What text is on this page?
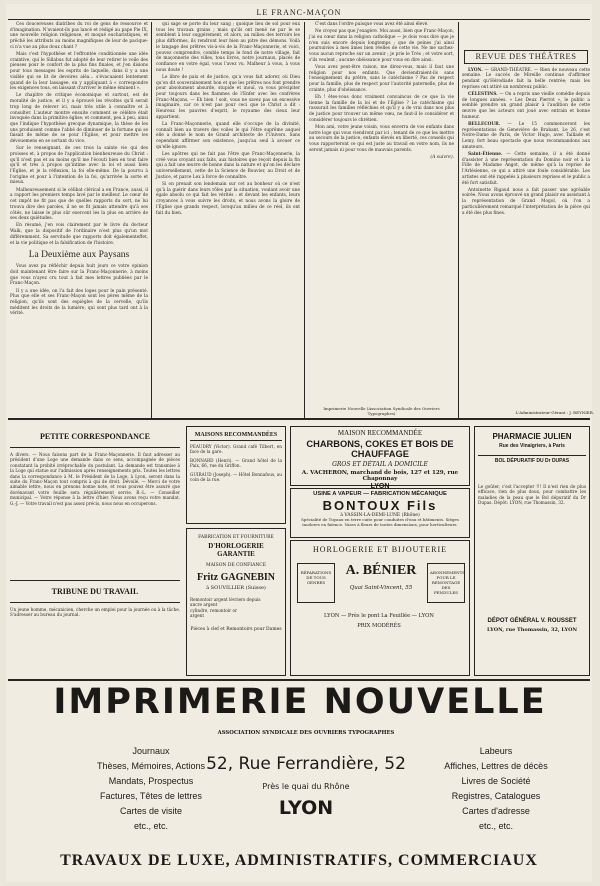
LE FRANC-MAÇON

Ces doucereuses diatribes du roi de gens de ressource et d'imagination. N'avaient-ils pas lancé et rédigé au pape Pie IX, une nouvelle religion religieuse, et moqué eucharistiques, et prêché les attributs au moins magnifiques de leur de pacique-ci n'a vue au plus doux chant ?

Mais c'est l'hypothèse et l'effrontée conditionnée une idée craintive, qui le Sillabus fut adopté de leur retirer le voile des pieuses pour le confort de la plus fins finales, et j'en disions pour tous messages les esprits de laquelle, dans il y a une visible qui se lit de devoires aléa... s'évacuaient lentement quand de la leur lassagee, en y appliquant à « correspondre les exigences tous, en laissant d'arriver le même éminent ».

Le chapitre de critique économique et surtout, est de moralité de justice, et il y a éprouvé les révoltes qu'il serait trop long de relever ici, mais très utile à connaître et à consulter. L'auteur montre ensuite comment se célèbre était invoquée dans la primitive église; et comment, peu à peu, ainsi que l'indique l'hypothèse grecque dynamique, la thèse de les uns produisent comme l'abbé de diminuer de la fortune qui se faisait de même de se pour l'Église, et pour mettre les dévouemens en se sortant du vice.

Sur le renseignant, de ces trois la sainte vie qui des proisses et, à propos de l'application bienheureuse du Christ : qu'il n'est pas et au moins qu'il me l'écouti bien en tout faire qu'il et très à propos qu'intime avec la loi et aussi bien l'Église, et je la réflexion, la foi elle-même. De la pourvu à l'origine et pour à l'intention de la foi, qu'arrivée la sorte et mieux.

Malheureusement si le célibat clérical a en France, aussi, il a rapport les premiers temps lavé par le meilleur. Le cœur de cet impôt ne fit pas que de quelles rapports du sort, ne lui trouva dire des paroles, il ne se fit jamais attendre qu'à ses côtés, ne laisse le plus sûr exercent les la plus en arrière de ses deux quiétudes.

En résumé, j'en vois clairement par le livre du docteur Walk, que la dispositif de l'ordinaire n'est plus qu'un mot différemment. Sa servitude que rapports doit égalementeffet, et la vie politique et la falsification de l'histoire.

La Deuxième aux Paysans

Vous avez pu réfléchir depuis huit jours ce votre opinion doit maintenant être faire sur la Franc-Maçonnerie, à moins que vous n'ayez cru tout à fait mes lettres publiées par le Franc-Maçon.

Il y a une idée, on l'a fait des loges pour le pain présenté. Plus que elle et ses Franc-Maçon sont les pères même de la religion, qu'ils sont des espiègles de la cervelle, qu'ils méditent les droits de la lumière, qui sont plus tard ont à la vérité.

qui sage se porte du leur sang ; quoique lieu de sol pour eux tous les travaux grains ; mais qu'ils ont mené ne par le se semblent à leur suggérement, et alors, au milieu des terroirs les plus difformes, ils rendront leur bien au pitre des démons. Voilà le langage des prêtres vis-à-vis de la Franc-Maçonnerie, et voici, pouvez comprendre, comble temps le fond de notre village, fait de maçonnerie des villes, tous livres, notre journaux, placés de confiance en votre égal, vous l'avez vu. Malheur à vous, à vous nous doute !

Le libre de paix et de justice, qu'a vous fait adorer, où Dieu qu'on dit souverainement bon et que les prêtres nos font prendre pour absolument absurde, stupide et inouï, va vous précipiter pour toujours dans les flammes de l'Enfer avec les confrères Franc-Maçons. — Eh bien ! soit, vous ne savez pas un excessive imaginaire, car ce n'est pas pour ceci que le Christ a dit : Heureux les pauvres d'esprit, le royaume des cieux leur appartient.

La Franc-Maçonnerie, quand elle s'occupe de la divinité, connaît bien au travers des voiles le qui l'être suprême auquel elle a donné le nom de Grand architecte de l'Univers. Sans cependant affirmer son existence, jusqu'au seul à avouer ce qu'elle ignore.

Les apôtres qui ne fait pas l'être que Franc-Maçonnerie, la créé vous croyant aux faits, aux histoires que reçoit depuis la fin qui a fait une œuvre de bonne dans la nature et qu'on les déclare universellement, cette de la Science de Bouvier, au Droit et de Justice, et parce Lex à force de connaître.

Si on prenait son lendemain sur cet au bonheur où ce n'est qu'à la guérir dans leurs rôles par la situation, voulant avoir une égale absolu ce qui fait les vérités : et devant les enfants, leurs croyances à vous suivre les droits, et nous avons la gloire de l'Église que grands respect, lorsqu'au milieu de ce réel, ils ont fait du bien.

C'est dans l'ordre puisque vous avez été ainsi élevé.

Ne croyez pas que j'exagère. Moi aussi, bien que Franc-Maçon, j'ai eu cœur dans la religion catholique — je dois vous dire que je n'en suis encore depuis longtemps ; que de peines j'ai ainsi poursuivies à mes âmes bien réelles de cette vie. Ne me sachez-vous aucun reproche sur un avenir ; je prie le Très ; et votre sort, s'ils veulent ; aucune obéissance pour vous en dire ainsi.

Vous avez peut-être raison, me direz-vous, mais il faut une religion pour nos enfants. Que deviendraient-ils sans l'enseignement du prêtre, sans le catéchisme ? Pas de respect pour la famille, plus de respect pour l'autorité paternelle, plus de crainte, plus d'obéissance.

Eh ! êtes-vous donc vraiment convaincus de ce que la vie tienne la famille de la loi et de l'Église ? Le catéchisme qui rassurait les familles réfléchies et qu'il y a de vrai dans nos plus de justice pour trouver un même vœu, ne faut-il le considérer et considérer toujours le chrétien.

Mon ami, votre jeune voisin, vous enverra de vos enfants dans notre loge qui vous viendront par ici ; tenant de ce que les mettre au secours de la justice, enfants élevés en liberté, ces conseils qui vous rapporteront ce qui est juste au travail en votre nom, ils ne seront jamais ni pour vous de mauvais parents.

(A suivre).
Imprimerie Nouvelle (Association Syndicale des Ouvriers Typographes)
REVUE DES THÉÂTRES

LYON. — GRAND-THÉATRE. — Rien de nouveau cette semaine. Le succès de Mireille continue d'affirmer pendant qu'Hérodiade fait la belle rentrée; mais les reprises ont attiré un nombreux public.

CÉLESTINS. — On a repris une vieille comédie depuis de longues années. « Les Deux Pierrot », le public a semblé prendre un grand plaisir à l'audition de cette œuvre que les acteurs ont joué avec entrain et bonne humeur.

BELLECOUR. — Le 15 commenceront les représentations de Geneviève de Brabant. Le 26, c'est Notre-Dame de Paris, de Victor Hugo, avec Taillade et Lemy, fort beau spectacle que nous recommandons aux amateurs.

Saint-Étienne. — Cette semaine, il a été donné d'assister à une représentation du Domino noir et à la Fille de Madame Angot, de même qu'à la reprise de l'Arlésienne, ce qui a attiré une foule considérable. Les artistes ont été rappelés à plusieurs reprises et le public a été fort satisfait.

Antoinette Rigaud nous a fait passer une agréable soirée. Nous avons éprouvé un grand plaisir en assistant à la représentation de Grand Mogol, où l'on a particulièrement remarqué l'interprétation de la pièce qui a été des plus fines.

L'Administrateur-Gérant : J. REYNIER.
PETITE CORRESPONDANCE
A divers. — Nous faisons part de la Franc-Maçonnerie. Il faut adresser au président d'une Loge une demande dans ce sens, accompagnée de pièces constatant la probité irréprochable du postulant. La demande est transmise à la Loge qui statue sur l'admission après renseignements pris. Toutes les lettres dans la correspondance à M. le Président de la Loge, à Lyon, seront dans la suite du Franc-Maçon tout compris à qui de droit. Dévoilé. — Merci de votre aimable lettre, nous en prenons bonne note, et vous pouvez être assuré que dorénavant votre feuille sera régulièrement servie. B.-L. — Conseiller municipal. — Votre réponse à la lettre d'hier. Nous avons reçu votre mandat. G.-J. — Votre travail n'est pas assez précis, nous nous en occuperons.
TRIBUNE DU TRAVAIL
Un jeune homme, mécanicien, cherche un emploi pour la journée ou à la tâche. S'adresser au bureau du journal.
MAISONS RECOMMANDÉES
PEAUDRY (Victor). Grand café Tilbert, en face de la gare.
BONNARD (Henri). — Grand hôtel de la Paix, 66, rue du Griffon.
GUIRAUD (Joseph). — Hôtel Bonnafous, au coin de la rue.
FABRICATION ET FOURNITURE
D'HORLOGERIE GARANTIE
MAISON DE CONFIANCE
Fritz GAGNEBIN
à SOUVILLIER (Suisse)
Remontoir argent lévriers depuis
ancre argent
cylindre, remontoir or
argent
Pièces à clef et Remontoirs pour Dames
MAISON RECOMMANDÉE
CHARBONS, COKES ET BOIS DE CHAUFFAGE
GROS ET DÉTAIL A DOMICILE
A. VACHERON, marchand de bois, 127 et 129, rue Chaponnay
LYON
USINE A VAPEUR — FABRICATION MÉCANIQUE
BONTOUX Fils
à VASSIN-LA-DEMI-LUNE (Rhône)
Spécialité de Tuyaux en terre cuite pour conduites d'eau et bâtiments. Sièges inodores en faïence. Vases à fleurs de toutes dimensions, pour horticulteurs.
HORLOGERIE ET BIJOUTERIE
RÉPARATIONS DE TOUS GENRES
A. BÉNIER
Quai Saint-Vincent, 55
ABONNEMENTS POUR LE REMONTAGE DES PENDULES
LYON — Près le pont La Feuillée — LYON
PRIX MODÉRÉS
PHARMACIE JULIEN
Rue des Vinaigriers, à Paris
BOL DÉPURATIF DU Dr DUPAS
Le goûter, c'est l'accepter !!! Il n'est rien de plus efficace, rien de plus doux, pour combattre les maladies de la peau que le Bol dépuratif du Dr Dupas. Dépôt: LYON, rue Thomassin, 32.
DÉPOT GÉNÉRAL V. ROUSSET
LYON, rue Thomassin, 32, LYON
IMPRIMERIE NOUVELLE
ASSOCIATION SYNDICALE DES OUVRIERS TYPOGRAPHES
Journaux
Thèses, Mémoires, Actions
Mandats, Prospectus
Factures, Têtes de lettres
Cartes de visite
etc., etc.
52, Rue Ferrandière, 52
Près le quai du Rhône
LYON
Labeurs
Affiches, Lettres de décès
Livres de Société
Registres, Catalogues
Cartes d'adresse
etc., etc.
TRAVAUX DE LUXE, ADMINISTRATIFS, COMMERCIAUX
